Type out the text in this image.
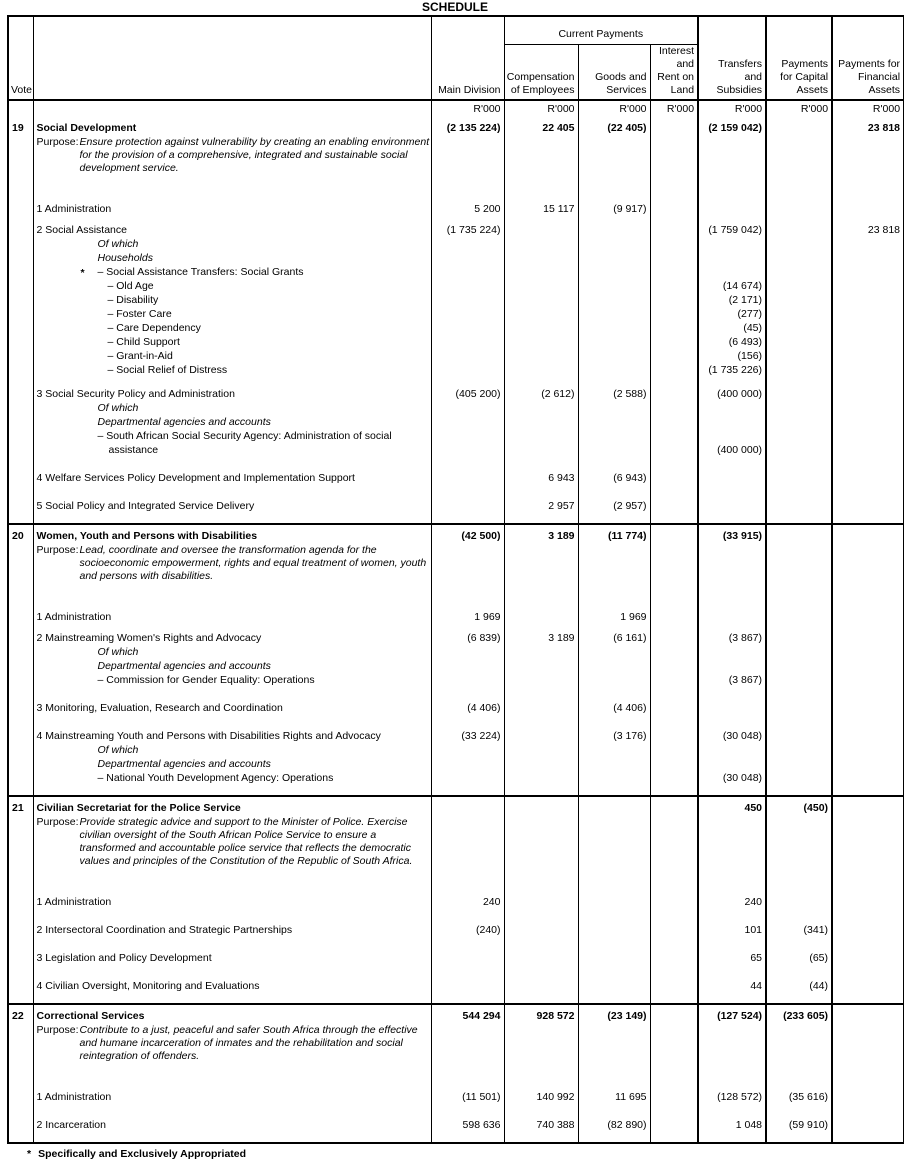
SCHEDULE
Vote		Main Division	Current Payments			Transfers and Subsidies	Payments for Capital Assets	Payments for Financial Assets
			Compensation of Employees	Goods and Services	Interest and Rent on Land			
		R'000	R'000	R'000	R'000	R'000	R'000	R'000

19	Social Development	(2 135 224)	22 405	(22 405)		(2 159 042)		23 818

	Purpose: Ensure protection against vulnerability by creating an enabling environment for the provision of a comprehensive, integrated and sustainable social development service.							

	1 Administration	5 200	15 117	(9 917)				

	2 Social Assistance	(1 735 224)				(1 759 042)		23 818
	Of which							
	Households							

	* – Social Assistance Transfers: Social Grants							
	– Old Age					(14 674)		
	– Disability					(2 171)		
	– Foster Care					(277)		
	– Care Dependency					(45)		
	– Child Support					(6 493)		
	– Grant-in-Aid					(156)		
	– Social Relief of Distress					(1 735 226)		

	3 Social Security Policy and Administration	(405 200)	(2 612)	(2 588)		(400 000)		
	Of which							
	Departmental agencies and accounts							
	– South African Social Security Agency: Administration of social							
	assistance					(400 000)		

	4 Welfare Services Policy Development and Implementation Support		6 943	(6 943)				

	5 Social Policy and Integrated Service Delivery		2 957	(2 957)				

20	Women, Youth and Persons with Disabilities	(42 500)	3 189	(11 774)		(33 915)		

	Purpose: Lead, coordinate and oversee the transformation agenda for the socioeconomic empowerment, rights and equal treatment of women, youth and persons with disabilities.							

	1 Administration	1 969		1 969				

	2 Mainstreaming Women's Rights and Advocacy	(6 839)	3 189	(6 161)		(3 867)		
	Of which							
	Departmental agencies and accounts							
	– Commission for Gender Equality: Operations					(3 867)		

	3 Monitoring, Evaluation, Research and Coordination	(4 406)		(4 406)				

	4 Mainstreaming Youth and Persons with Disabilities Rights and Advocacy	(33 224)		(3 176)		(30 048)		
	Of which							
	Departmental agencies and accounts							
	– National Youth Development Agency: Operations					(30 048)		

21	Civilian Secretariat for the Police Service					450	(450)	

	Purpose: Provide strategic advice and support to the Minister of Police. Exercise civilian oversight of the South African Police Service to ensure a transformed and accountable police service that reflects the democratic values and principles of the Constitution of the Republic of South Africa.							

	1 Administration	240				240		

	2 Intersectoral Coordination and Strategic Partnerships	(240)				101	(341)	

	3 Legislation and Policy Development					65	(65)	

	4 Civilian Oversight, Monitoring and Evaluations					44	(44)	

22	Correctional Services	544 294	928 572	(23 149)		(127 524)	(233 605)	

	Purpose: Contribute to a just, peaceful and safer South Africa through the effective and humane incarceration of inmates and the rehabilitation and social reintegration of offenders.							

	1 Administration	(11 501)	140 992	11 695		(128 572)	(35 616)	

	2 Incarceration	598 636	740 388	(82 890)		1 048	(59 910)	

* Specifically and Exclusively Appropriated
